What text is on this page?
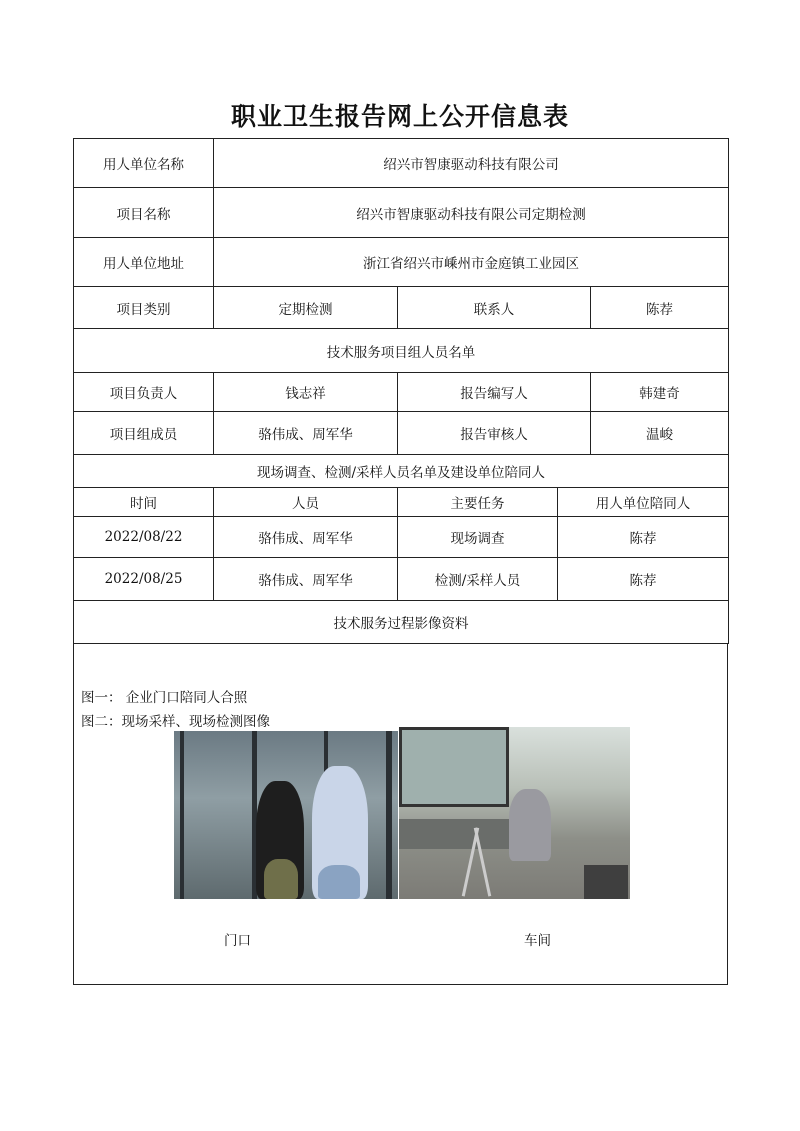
职业卫生报告网上公开信息表
用人单位名称	绍兴市智康驱动科技有限公司			
项目名称	绍兴市智康驱动科技有限公司定期检测			
用人单位地址	浙江省绍兴市嵊州市金庭镇工业园区			
项目类别	定期检测	联系人		陈荐
技术服务项目组人员名单				
项目负责人	钱志祥	报告编写人		韩建奇
项目组成员	骆伟成、周军华	报告审核人		温峻
现场调查、检测/采样人员名单及建设单位陪同人				
时间	人员	主要任务	用人单位陪同人	
2022/08/22	骆伟成、周军华	现场调查	陈荐	
2022/08/25	骆伟成、周军华	检测/采样人员	陈荐	
技术服务过程影像资料				
图一： 企业门口陪同人合照
图二：现场采样、现场检测图像
门口	车间
